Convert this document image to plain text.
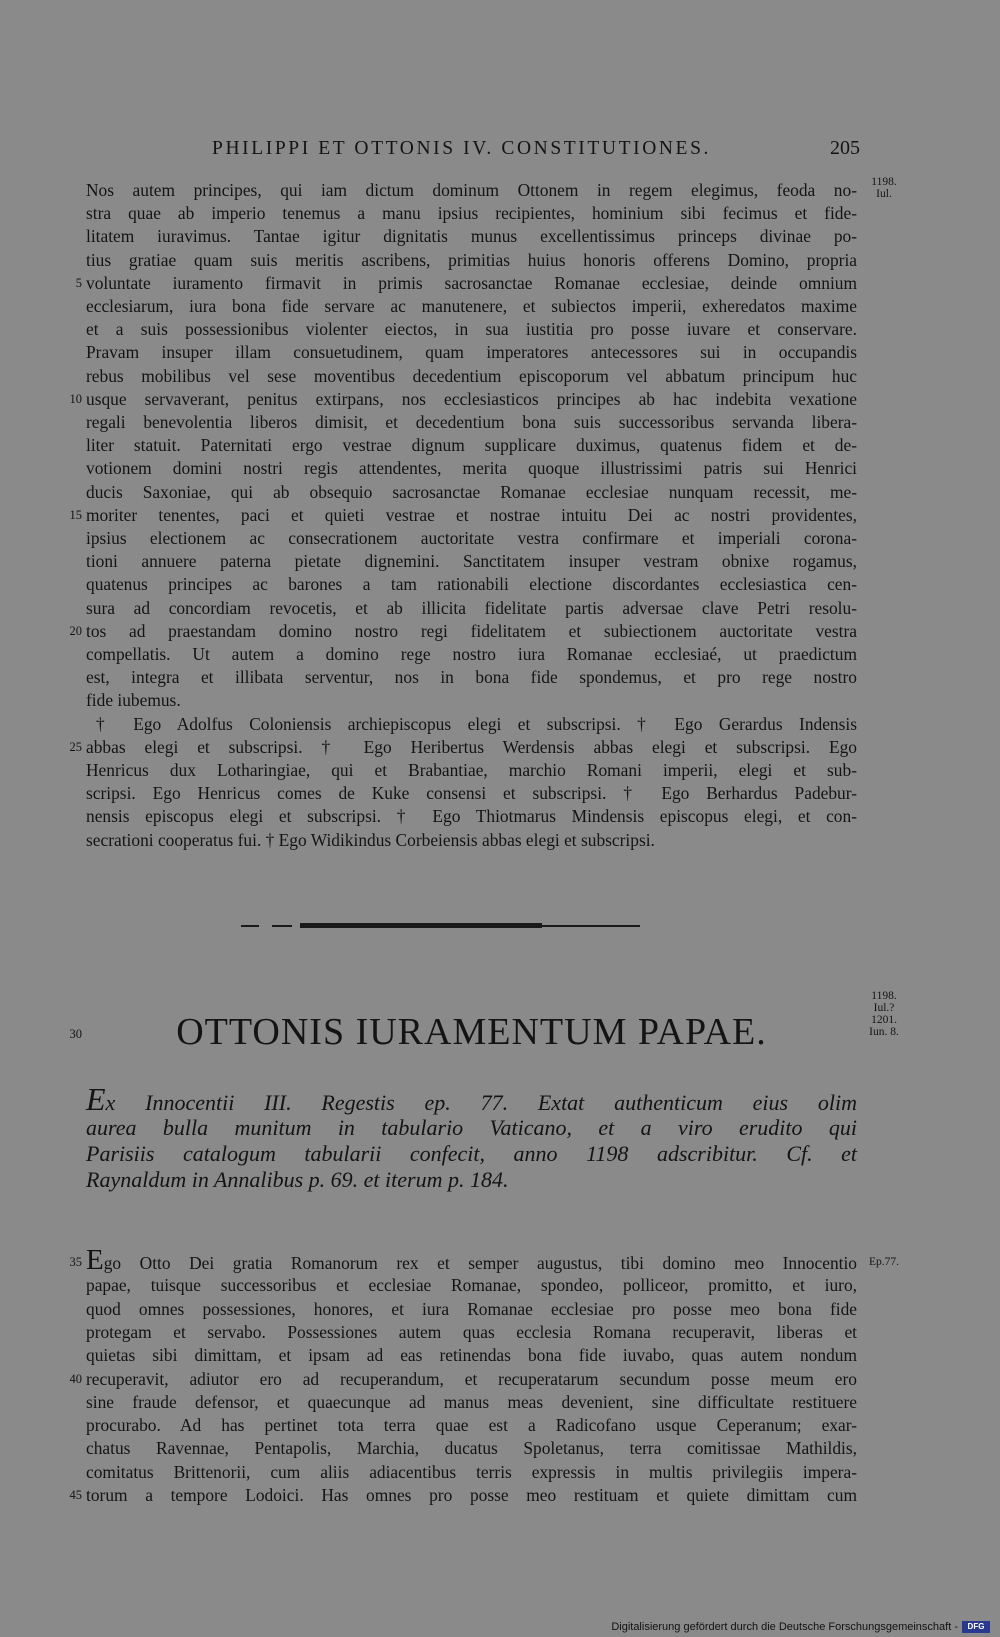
PHILIPPI ET OTTONIS IV. CONSTITUTIONES.	205
1198.
Iul.
Nos autem principes, qui iam dictum dominum Ottonem in regem elegimus, feoda no-
stra quae ab imperio tenemus a manu ipsius recipientes, hominium sibi fecimus et fide-
litatem iuravimus. Tantae igitur dignitatis munus excellentissimus princeps divinae po-
tius gratiae quam suis meritis ascribens, primitias huius honoris offerens Domino, propria
voluntate iuramento firmavit in primis sacrosanctae Romanae ecclesiae, deinde omnium
5
ecclesiarum, iura bona fide servare ac manutenere, et subiectos imperii, exheredatos maxime
et a suis possessionibus violenter eiectos, in sua iustitia pro posse iuvare et conservare.
Pravam insuper illam consuetudinem, quam imperatores antecessores sui in occupandis
rebus mobilibus vel sese moventibus decedentium episcoporum vel abbatum principum huc
usque servaverant, penitus extirpans, nos ecclesiasticos principes ab hac indebita vexatione
10
regali benevolentia liberos dimisit, et decedentium bona suis successoribus servanda libera-
liter statuit. Paternitati ergo vestrae dignum supplicare duximus, quatenus fidem et de-
votionem domini nostri regis attendentes, merita quoque illustrissimi patris sui Henrici
ducis Saxoniae, qui ab obsequio sacrosanctae Romanae ecclesiae nunquam recessit, me-
moriter tenentes, paci et quieti vestrae et nostrae intuitu Dei ac nostri providentes,
15
ipsius electionem ac consecrationem auctoritate vestra confirmare et imperiali corona-
tioni annuere paterna pietate dignemini. Sanctitatem insuper vestram obnixe rogamus,
quatenus principes ac barones a tam rationabili electione discordantes ecclesiastica cen-
sura ad concordiam revocetis, et ab illicita fidelitate partis adversae clave Petri resolu-
tos ad praestandam domino nostro regi fidelitatem et subiectionem auctoritate vestra
20
compellatis. Ut autem a domino rege nostro iura Romanae ecclesiaé, ut praedictum
est, integra et illibata serventur, nos in bona fide spondemus, et pro rege nostro
fide iubemus.
† Ego Adolfus Coloniensis archiepiscopus elegi et subscripsi. † Ego Gerardus Indensis
abbas elegi et subscripsi. † Ego Heribertus Werdensis abbas elegi et subscripsi. Ego
25
Henricus dux Lotharingiae, qui et Brabantiae, marchio Romani imperii, elegi et sub-
scripsi. Ego Henricus comes de Kuke consensi et subscripsi. † Ego Berhardus Padebur-
nensis episcopus elegi et subscripsi. † Ego Thiotmarus Mindensis episcopus elegi, et con-
secrationi cooperatus fui. † Ego Widikindus Corbeiensis abbas elegi et subscripsi.
30	OTTONIS IURAMENTUM PAPAE.
1198.
Iul.?
1201.
Iun. 8.
Ex Innocentii III. Regestis ep. 77. Extat authenticum eius olim
aurea bulla munitum in tabulario Vaticano, et a viro erudito qui
Parisiis catalogum tabularii confecit, anno 1198 adscribitur. Cf. et
Raynaldum in Annalibus p. 69. et iterum p. 184.
Ego Otto Dei gratia Romanorum rex et semper augustus, tibi domino meo Innocentio
35
papae, tuisque successoribus et ecclesiae Romanae, spondeo, polliceor, promitto, et iuro,
quod omnes possessiones, honores, et iura Romanae ecclesiae pro posse meo bona fide
protegam et servabo. Possessiones autem quas ecclesia Romana recuperavit, liberas et
quietas sibi dimittam, et ipsam ad eas retinendas bona fide iuvabo, quas autem nondum
recuperavit, adiutor ero ad recuperandum, et recuperatarum secundum posse meum ero
40
sine fraude defensor, et quaecunque ad manus meas devenient, sine difficultate restituere
procurabo. Ad has pertinet tota terra quae est a Radicofano usque Ceperanum; exar-
chatus Ravennae, Pentapolis, Marchia, ducatus Spoletanus, terra comitissae Mathildis,
comitatus Brittenorii, cum aliis adiacentibus terris expressis in multis privilegiis impera-
torum a tempore Lodoici. Has omnes pro posse meo restituam et quiete dimittam cum
45
Ep.77.
Digitalisierung gefördert durch die Deutsche Forschungsgemeinschaft -	DFG
